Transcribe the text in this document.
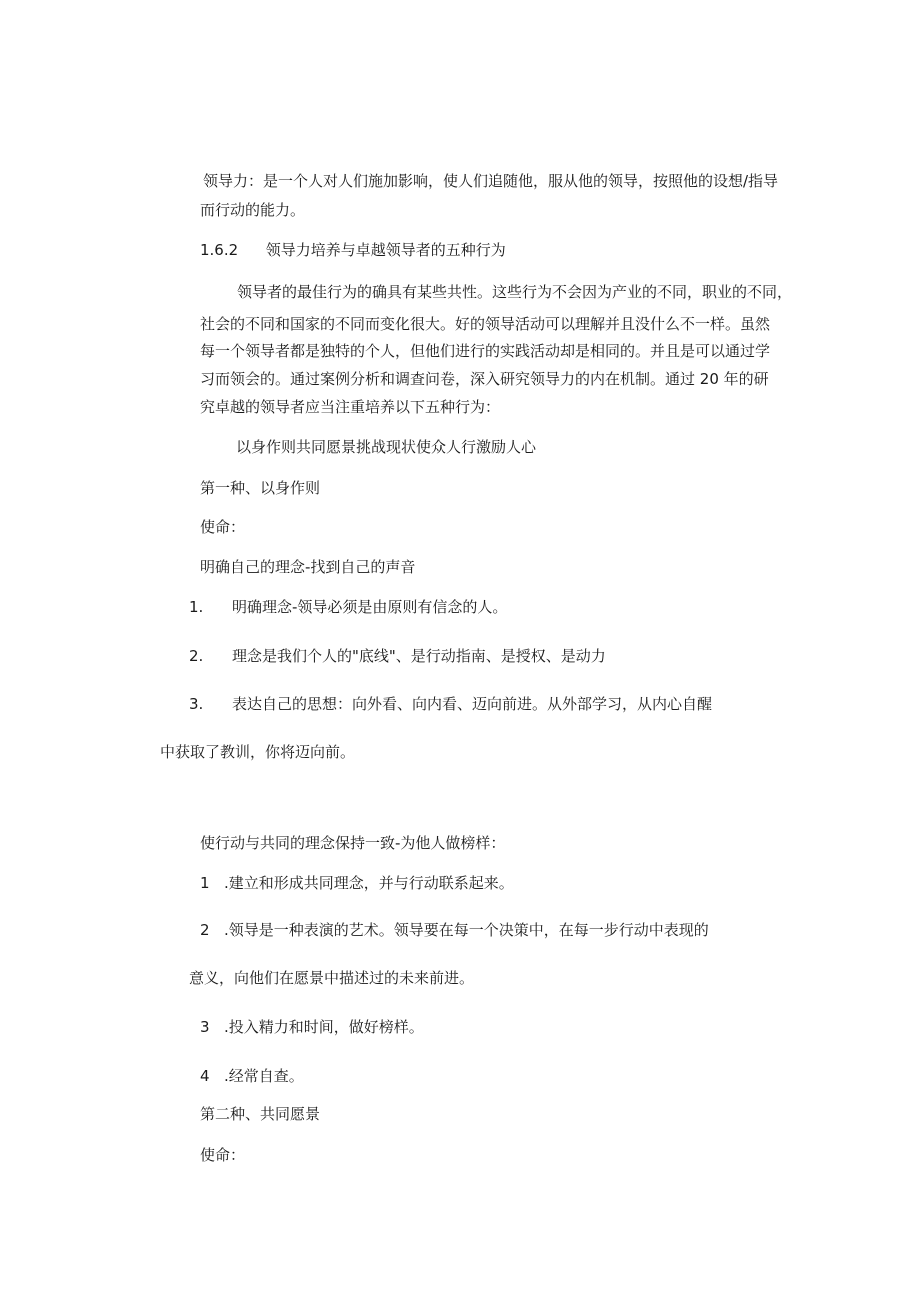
领导力：是一个人对人们施加影响，使人们追随他，服从他的领导，按照他的设想/指导
而行动的能力。
1.6.2 领导力培养与卓越领导者的五种行为
领导者的最佳行为的确具有某些共性。这些行为不会因为产业的不同，职业的不同，
社会的不同和国家的不同而变化很大。好的领导活动可以理解并且没什么不一样。虽然
每一个领导者都是独特的个人，但他们进行的实践活动却是相同的。并且是可以通过学
习而领会的。通过案例分析和调查问卷，深入研究领导力的内在机制。通过 20 年的研
究卓越的领导者应当注重培养以下五种行为：
以身作则共同愿景挑战现状使众人行激励人心
第一种、以身作则
使命：
明确自己的理念-找到自己的声音
1. 明确理念-领导必须是由原则有信念的人。
2. 理念是我们个人的"底线"、是行动指南、是授权、是动力
3. 表达自己的思想：向外看、向内看、迈向前进。从外部学习，从内心自醒
中获取了教训，你将迈向前。
使行动与共同的理念保持一致-为他人做榜样：
1 .建立和形成共同理念，并与行动联系起来。
2 .领导是一种表演的艺术。领导要在每一个决策中，在每一步行动中表现的
意义，向他们在愿景中描述过的未来前进。
3 .投入精力和时间，做好榜样。
4 .经常自查。
第二种、共同愿景
使命：
